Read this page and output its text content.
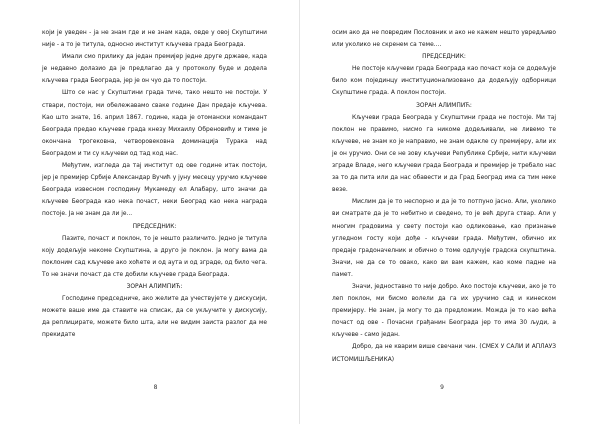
који је уведен - ја не знам где и не знам када, овде у овој Скупштини није - а то је титула, односно институт кључева града Београда.

Имали смо прилику да један премијер једне друге државе, када је недавно долазио да је предлагао да у протоколу буде и додела кључева града Београда, јер је он чуо да то постоји.

Што се нас у Скупштини града тиче, тако нешто не постоји. У ствари, постоји, ми обележавамо сваке године Дан предаје кључева. Као што знате, 16. април 1867. године, када је отомански командант Београда предао кључеве града кнезу Михаилу Обреновићу и тиме је окончана трогековна, четворовековна доминација Турака над Београдом и ти су кључеви од тад код нас.

Међутим, изгледа да тај институт од ове године итак постоји, јер је премијер Србије Александар Вучић у јуну месецу уручио кључеве Београда извесном господину Мукамеду ел Алабару, што значи да кључеве Београда као нека почаст, неки Београд као нека награда постоје. Ја не знам да ли је...

ПРЕДСЕДНИК:

Пазите, почаст и поклон, то је нешто различито. Једно је титула коју додељује некоме Скупштина, а друго је поклон. Ја могу вама да поклоним сад кључеве ако хоћете и од аута и од зграде, од било чега. То не значи почаст да сте добили кључеве града Београда.

ЗОРАН АЛИМПИЋ:

Господине председниче, ако желите да учествујете у дискусији, можете ваше име да ставите на списак, да се укључите у дискусију, да реплицирате, можете било шта, али не видим заиста разлог да ме прекидате

8

осим ако да не повредим Пословник и ако не кажем нешто увредљиво или уколико не скренем са теме....

ПРЕДСЕДНИК:

Не постоје кључеви града Београда као почаст која се додељује било ком појединцу институционализовано да додељују одборници Скупштине града. А поклон постоји.

ЗОРАН АЛИМПИЋ:

Кључеви града Београда у Скупштини града не постоје. Ми тај поклон не правимо, нисмо га никоме додељивали, не ливемо те кључеве, не знам ко је направио, не знам одакле су премијеру, али их је он уручио. Они се не зову кључеви Републике Србије, нити кључеви зграде Владе, него кључеви града Београда и премијер је требало нас за то да пита или да нас обавести и да Град Београд има са тим неке везе.

Мислим да је то неспорно и да је то потпуно јасно. Али, уколико ви сматрате да је то небитно и сведено, то је већ друга ствар. Али у многим градовима у свету постоји као одликовање, као признање угледном госту који дође - кључеви града. Међутим, обично их предаје градоначелник и обично о томе одлучује градска скупштина. Значи, не да се то овако, како ви вам кажем, као коме падне на памет.

Значи, једноставно то није добро. Ако постоје кључеви, ако је то леп поклон, ми бисмо волели да га их уручимо сад и кинеском премијеру. Не знам, ја могу то да предложим. Можда је то као већа почаст од ове - Почасни грађанин Београда јер то има 30 људи, а кључеве - само један.

Добро, да не кварим више свечани чин. (СМЕХ У САЛИ И АПЛАУЗ ИСТОМИШЉЕНИКА)

9
